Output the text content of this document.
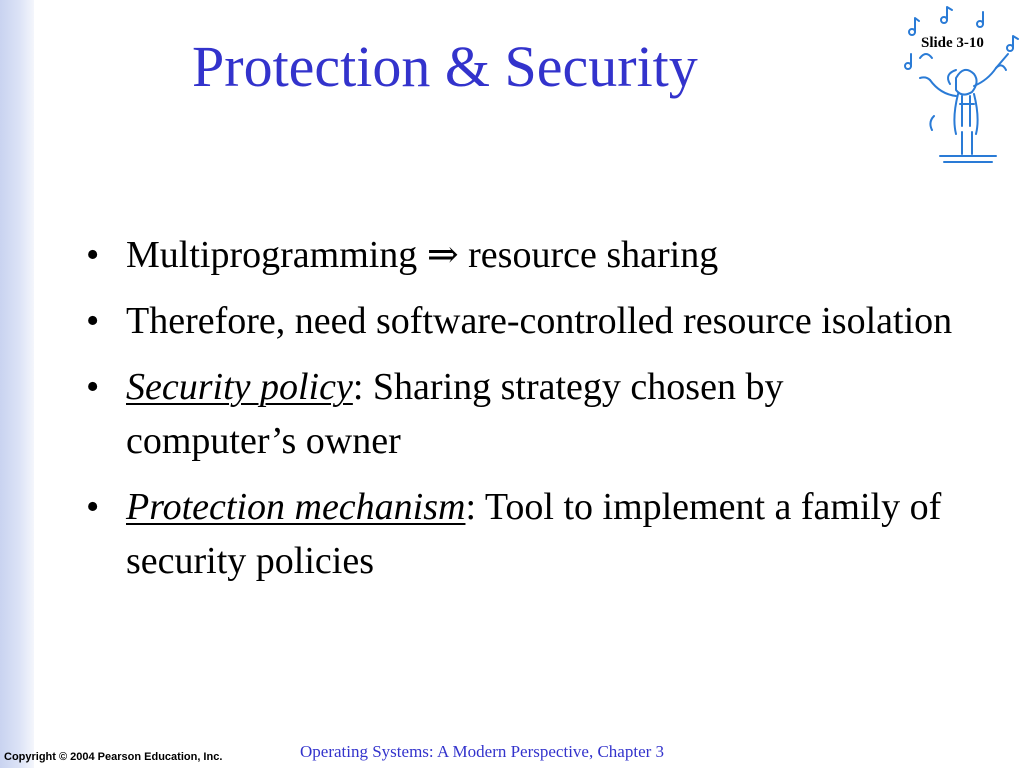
Protection & Security	Slide 3-10
• Multiprogramming ⇒ resource sharing
• Therefore, need software-controlled resource isolation
• Security policy: Sharing strategy chosen by computer’s owner
• Protection mechanism: Tool to implement a family of security policies
Copyright © 2004 Pearson Education, Inc.	Operating Systems: A Modern Perspective, Chapter 3
